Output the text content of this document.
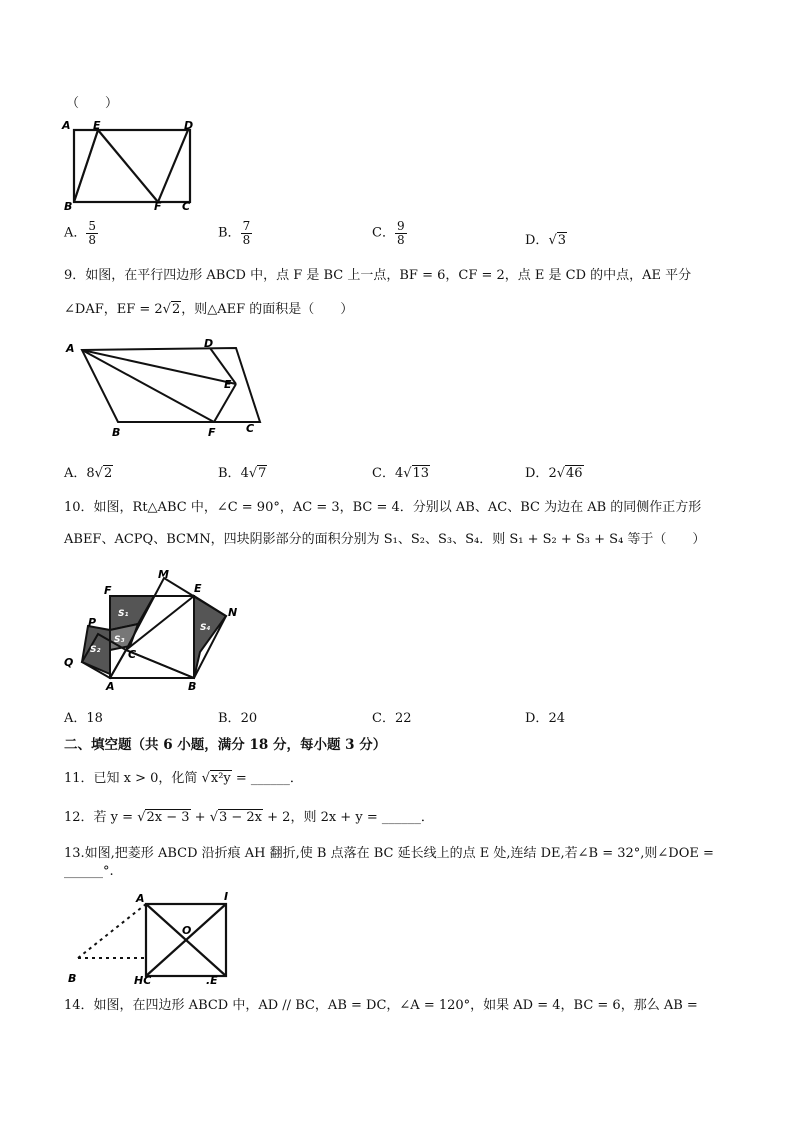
（　　）
A E	D
B	F C
A． $\frac{5}{8}$	B． $\frac{7}{8}$	C． $\frac{9}{8}$	D．√3
9．如图，在平行四边形 ABCD 中，点 F 是 BC 上一点，BF = 6，CF = 2，点 E 是 CD 的中点，AE 平分
∠DAF，EF = 2√2，则△AEF 的面积是（　　）
A	D
E
B	F	C
A．8√2	B．4√7	C．4√13	D．2√46
10．如图，Rt△ABC 中，∠C = 90°，AC = 3，BC = 4．分别以 AB、AC、BC 为边在 AB 的同侧作正方形
ABEF、ACPQ、BCMN，四块阴影部分的面积分别为 S₁、S₂、S₃、S₄．则 S₁ + S₂ + S₃ + S₄ 等于（　　）
F
M
E
N
P
Q
C
A	B
S₁
S₂
S₃
S₄
A．18	B．20	C．22	D．24
二、填空题（共 6 小题，满分 18 分，每小题 3 分）
11．已知 x > 0，化简 √x²y = ______．
12．若 y = √2x − 3 + √3 − 2x + 2，则 2x + y = ______．
13.如图,把菱形 ABCD 沿折痕 AH 翻折,使 B 点落在 BC 延长线上的点 E 处,连结 DE,若∠B = 32°,则∠DOE =
______°.
A	I
O
B	HC	.E
14．如图，在四边形 ABCD 中，AD // BC，AB = DC，∠A = 120°，如果 AD = 4，BC = 6，那么 AB =
